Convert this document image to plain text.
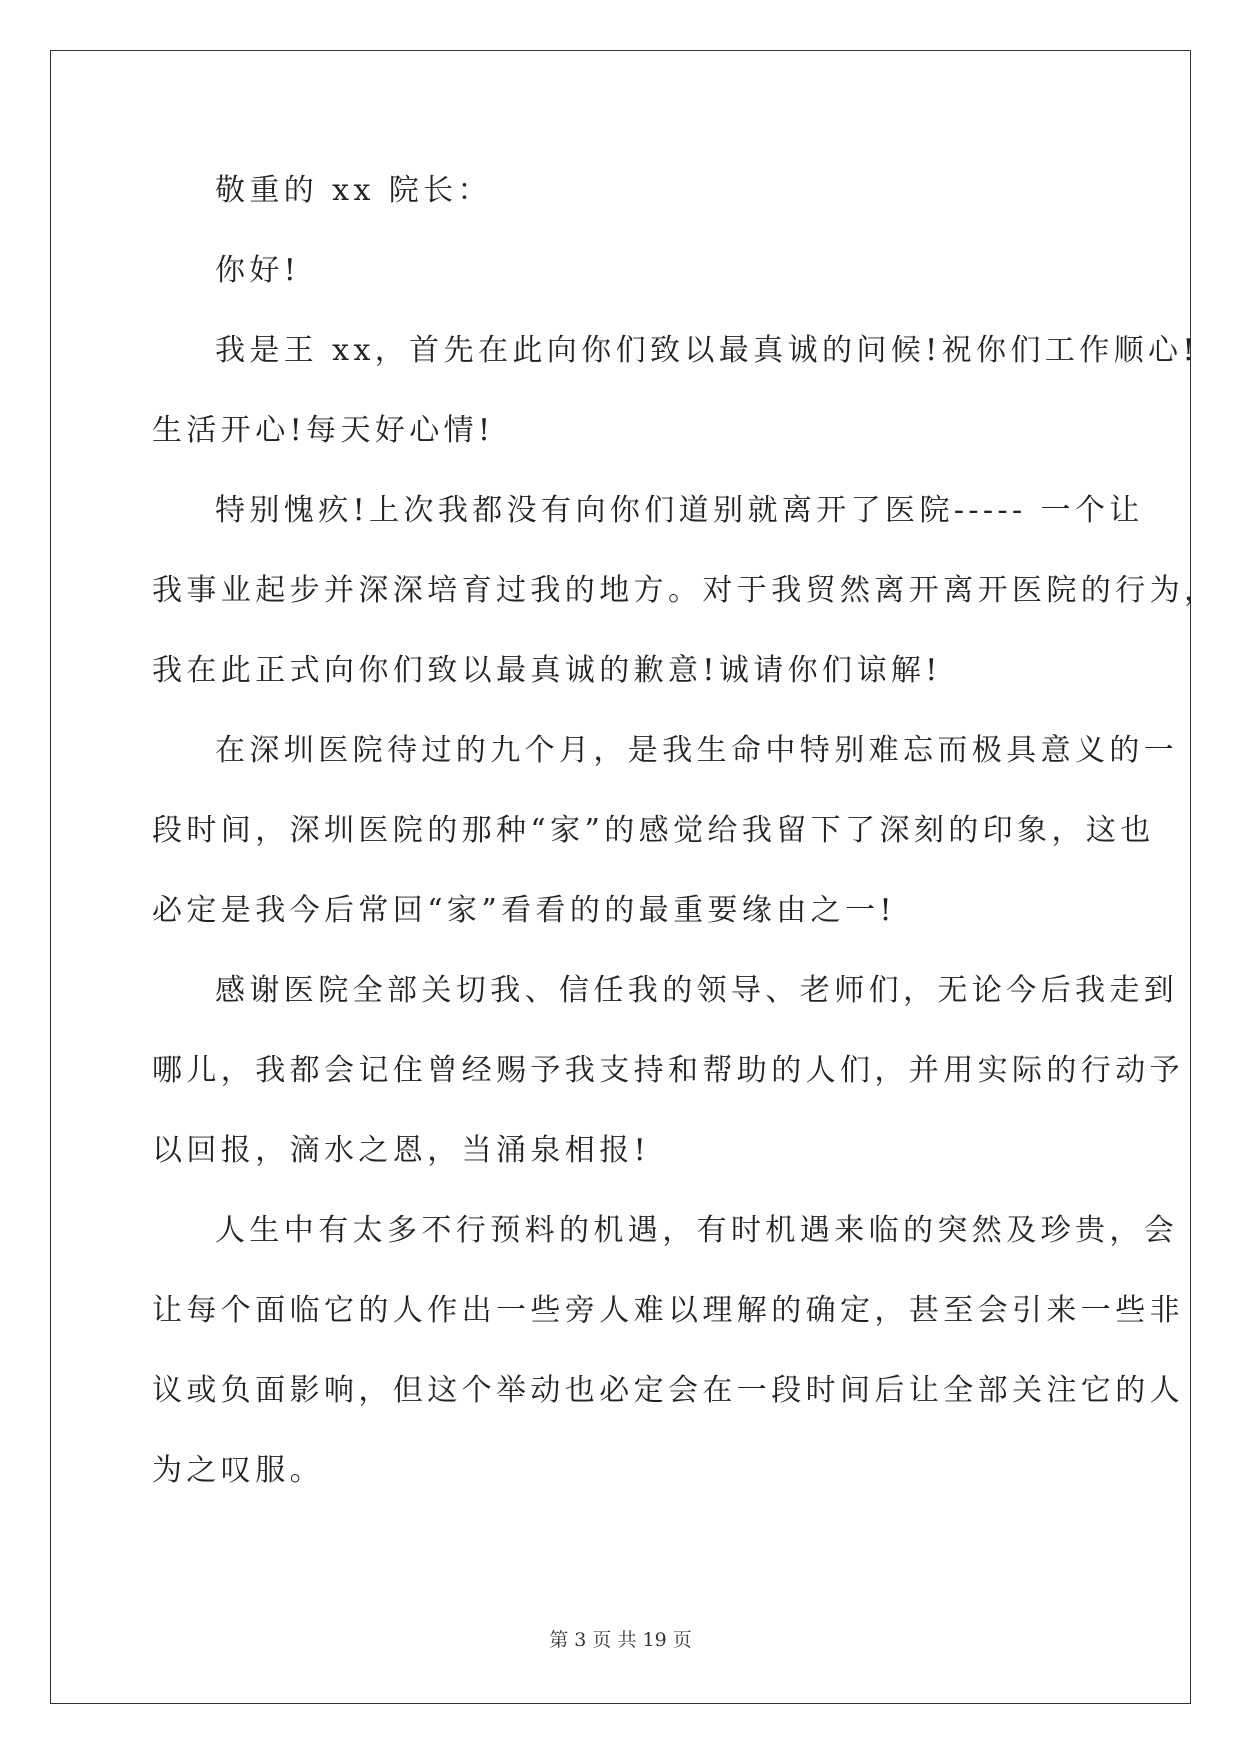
敬重的 xx 院长：
你好!
我是王 xx，首先在此向你们致以最真诚的问候!祝你们工作顺心!
生活开心!每天好心情!
特别愧疚!上次我都没有向你们道别就离开了医院----- 一个让
我事业起步并深深培育过我的地方。对于我贸然离开离开医院的行为，
我在此正式向你们致以最真诚的歉意!诚请你们谅解!
在深圳医院待过的九个月，是我生命中特别难忘而极具意义的一
段时间，深圳医院的那种“家”的感觉给我留下了深刻的印象，这也
必定是我今后常回“家”看看的的最重要缘由之一!
感谢医院全部关切我、信任我的领导、老师们，无论今后我走到
哪儿，我都会记住曾经赐予我支持和帮助的人们，并用实际的行动予
以回报，滴水之恩，当涌泉相报!
人生中有太多不行预料的机遇，有时机遇来临的突然及珍贵，会
让每个面临它的人作出一些旁人难以理解的确定，甚至会引来一些非
议或负面影响，但这个举动也必定会在一段时间后让全部关注它的人
为之叹服。
第 3 页 共 19 页
